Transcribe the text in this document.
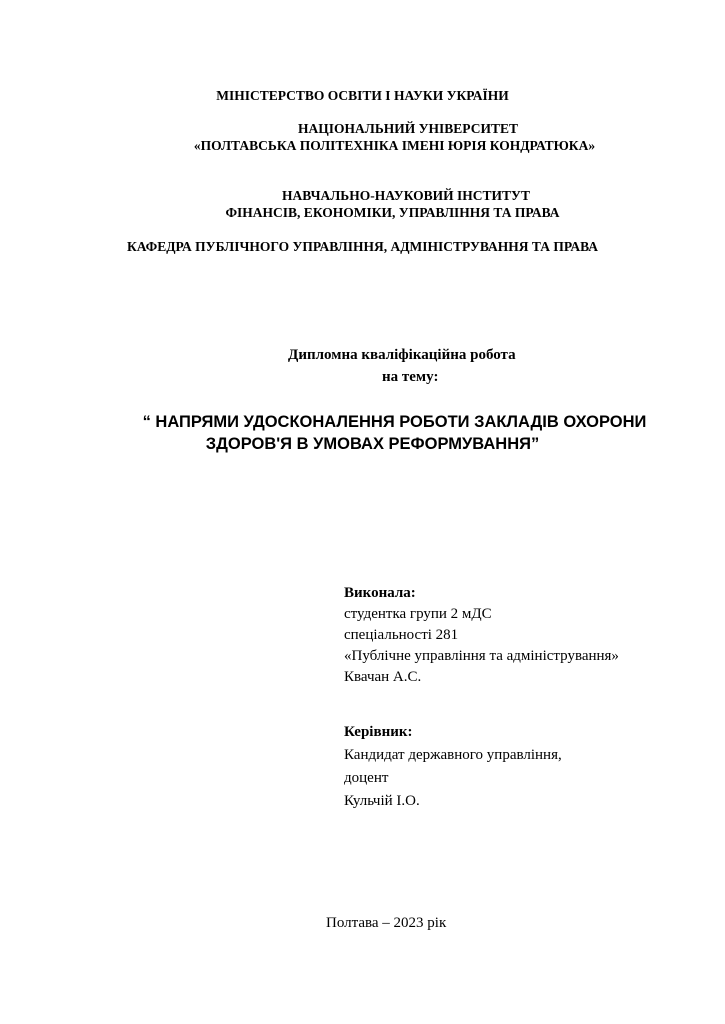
МІНІСТЕРСТВО ОСВІТИ І НАУКИ УКРАЇНИ
НАЦІОНАЛЬНИЙ УНІВЕРСИТЕТ
«ПОЛТАВСЬКА ПОЛІТЕХНІКА ІМЕНІ ЮРІЯ КОНДРАТЮКА»
НАВЧАЛЬНО-НАУКОВИЙ ІНСТИТУТ
ФІНАНСІВ, ЕКОНОМІКИ, УПРАВЛІННЯ ТА ПРАВА
КАФЕДРА ПУБЛІЧНОГО УПРАВЛІННЯ, АДМІНІСТРУВАННЯ ТА ПРАВА
Дипломна кваліфікаційна робота
на тему:
“ НАПРЯМИ УДОСКОНАЛЕННЯ РОБОТИ ЗАКЛАДІВ ОХОРОНИ
ЗДОРОВ'Я В УМОВАХ РЕФОРМУВАННЯ”
Виконала:
студентка групи 2 мДС
спеціальності 281
«Публічне управління та адміністрування»
Квачан А.С.
Керівник:
Кандидат державного управління,
доцент
Кульчій І.О.
Полтава – 2023 рік
